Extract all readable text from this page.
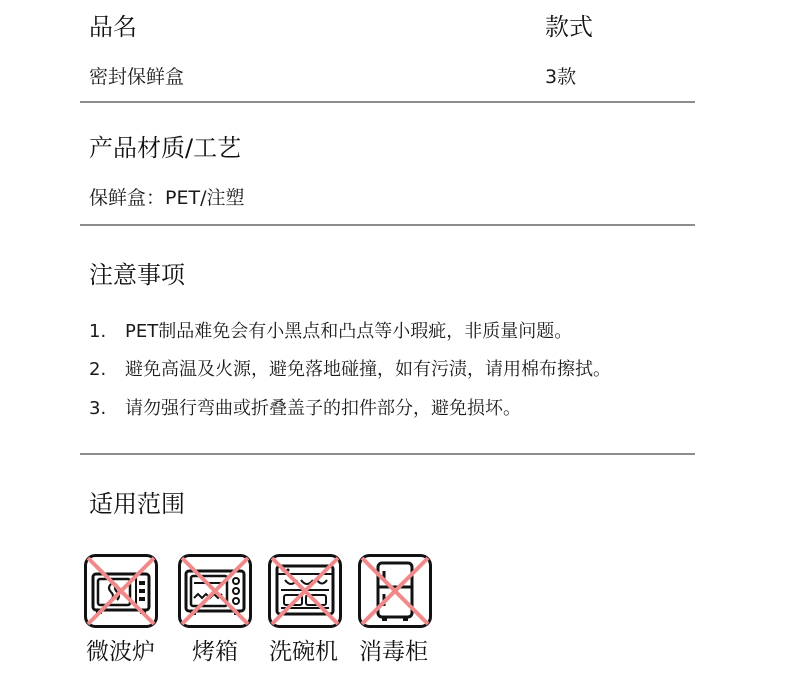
品名	款式
密封保鲜盒	3款
产品材质/工艺
保鲜盒：PET/注塑
注意事项
1. PET制品难免会有小黑点和凸点等小瑕疵，非质量问题。
2. 避免高温及火源，避免落地碰撞，如有污渍，请用棉布擦拭。
3. 请勿强行弯曲或折叠盖子的扣件部分，避免损坏。
适用范围
微波炉 烤箱 洗碗机 消毒柜
